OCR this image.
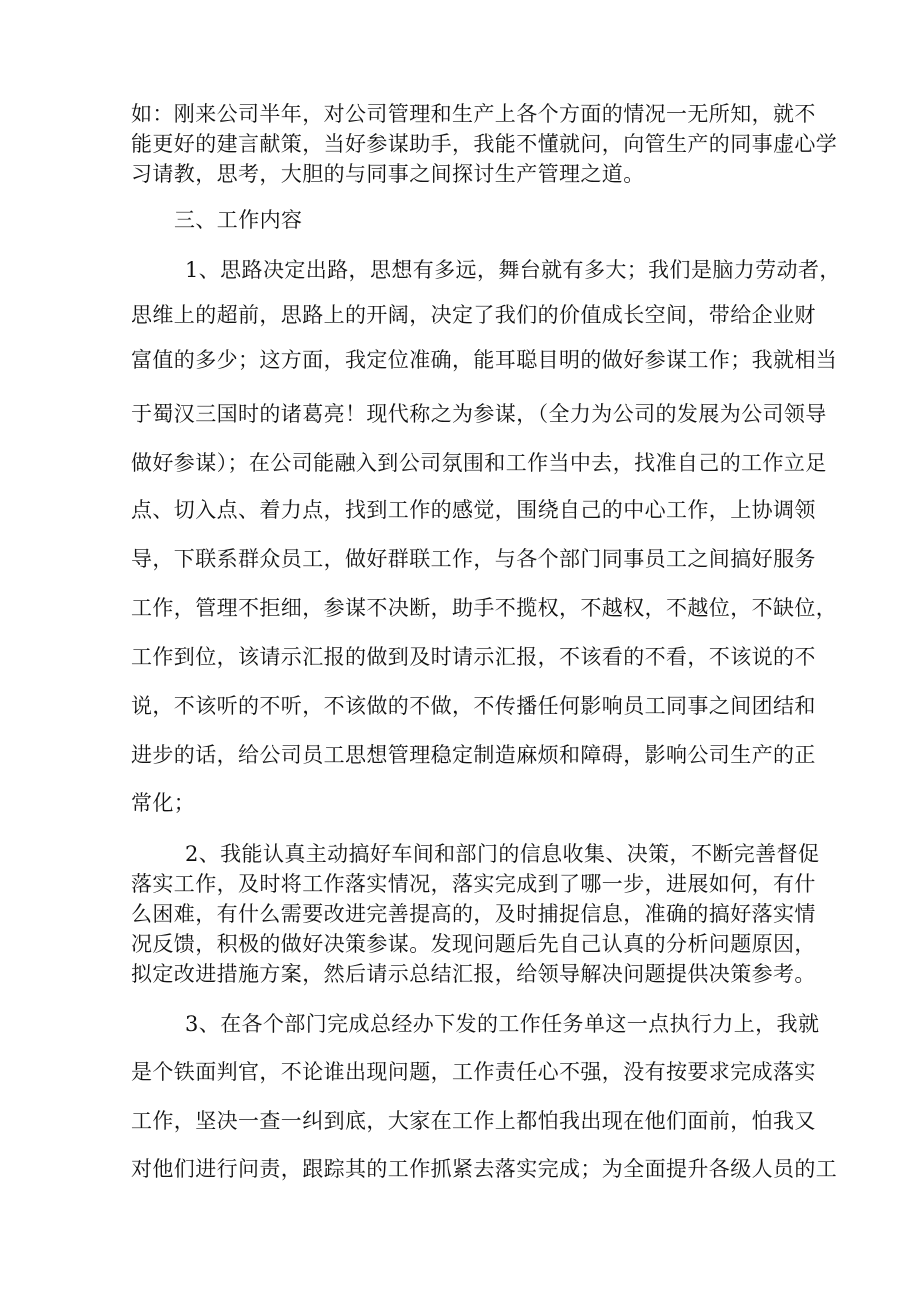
如：刚来公司半年，对公司管理和生产上各个方面的情况一无所知，就不
能更好的建言献策，当好参谋助手，我能不懂就问，向管生产的同事虚心学
习请教，思考，大胆的与同事之间探讨生产管理之道。
三、工作内容
1、思路决定出路，思想有多远，舞台就有多大；我们是脑力劳动者，
思维上的超前，思路上的开阔，决定了我们的价值成长空间，带给企业财
富值的多少；这方面，我定位准确，能耳聪目明的做好参谋工作；我就相当
于蜀汉三国时的诸葛亮！现代称之为参谋，（全力为公司的发展为公司领导
做好参谋）；在公司能融入到公司氛围和工作当中去，找准自己的工作立足
点、切入点、着力点，找到工作的感觉，围绕自己的中心工作，上协调领
导，下联系群众员工，做好群联工作，与各个部门同事员工之间搞好服务
工作，管理不拒细，参谋不决断，助手不揽权，不越权，不越位，不缺位，
工作到位，该请示汇报的做到及时请示汇报，不该看的不看，不该说的不
说，不该听的不听，不该做的不做，不传播任何影响员工同事之间团结和
进步的话，给公司员工思想管理稳定制造麻烦和障碍，影响公司生产的正
常化；
2、我能认真主动搞好车间和部门的信息收集、决策，不断完善督促
落实工作，及时将工作落实情况，落实完成到了哪一步，进展如何，有什
么困难，有什么需要改进完善提高的，及时捕捉信息，准确的搞好落实情
况反馈，积极的做好决策参谋。发现问题后先自己认真的分析问题原因，
拟定改进措施方案，然后请示总结汇报，给领导解决问题提供决策参考。
3、在各个部门完成总经办下发的工作任务单这一点执行力上，我就
是个铁面判官，不论谁出现问题，工作责任心不强，没有按要求完成落实
工作，坚决一查一纠到底，大家在工作上都怕我出现在他们面前，怕我又
对他们进行问责，跟踪其的工作抓紧去落实完成；为全面提升各级人员的工
